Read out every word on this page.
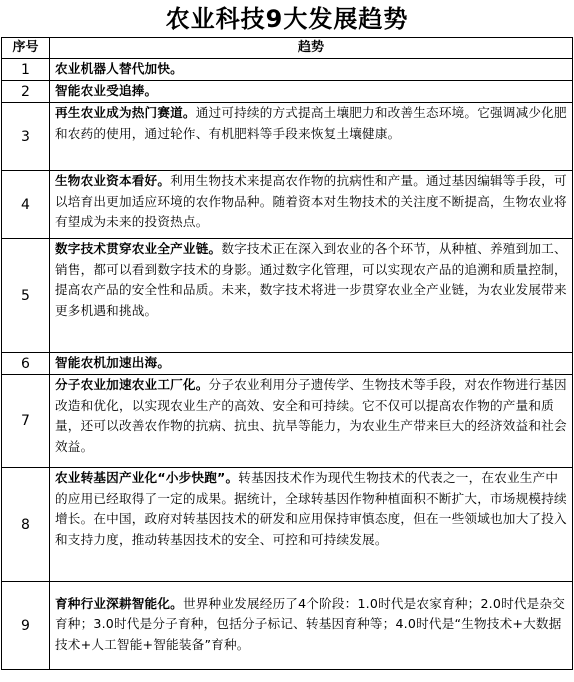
农业科技9大发展趋势
序号	趋势
1	农业机器人替代加快。
2	智能农业受追捧。
3	再生农业成为热门赛道。通过可持续的方式提高土壤肥力和改善生态环境。它强调减少化肥和农药的使用，通过轮作、有机肥料等手段来恢复土壤健康。
4	生物农业资本看好。利用生物技术来提高农作物的抗病性和产量。通过基因编辑等手段，可以培育出更加适应环境的农作物品种。随着资本对生物技术的关注度不断提高，生物农业将有望成为未来的投资热点。
5	数字技术贯穿农业全产业链。数字技术正在深入到农业的各个环节，从种植、养殖到加工、销售，都可以看到数字技术的身影。通过数字化管理，可以实现农产品的追溯和质量控制，提高农产品的安全性和品质。未来，数字技术将进一步贯穿农业全产业链，为农业发展带来更多机遇和挑战。
6	智能农机加速出海。
7	分子农业加速农业工厂化。分子农业利用分子遗传学、生物技术等手段，对农作物进行基因改造和优化，以实现农业生产的高效、安全和可持续。它不仅可以提高农作物的产量和质量，还可以改善农作物的抗病、抗虫、抗旱等能力，为农业生产带来巨大的经济效益和社会效益。
8	农业转基因产业化“小步快跑”。转基因技术作为现代生物技术的代表之一，在农业生产中的应用已经取得了一定的成果。据统计，全球转基因作物种植面积不断扩大，市场规模持续增长。在中国，政府对转基因技术的研发和应用保持审慎态度，但在一些领域也加大了投入和支持力度，推动转基因技术的安全、可控和可持续发展。
9	育种行业深耕智能化。世界种业发展经历了4个阶段：1.0时代是农家育种；2.0时代是杂交育种；3.0时代是分子育种，包括分子标记、转基因育种等；4.0时代是“生物技术+大数据技术+人工智能+智能装备”育种。
